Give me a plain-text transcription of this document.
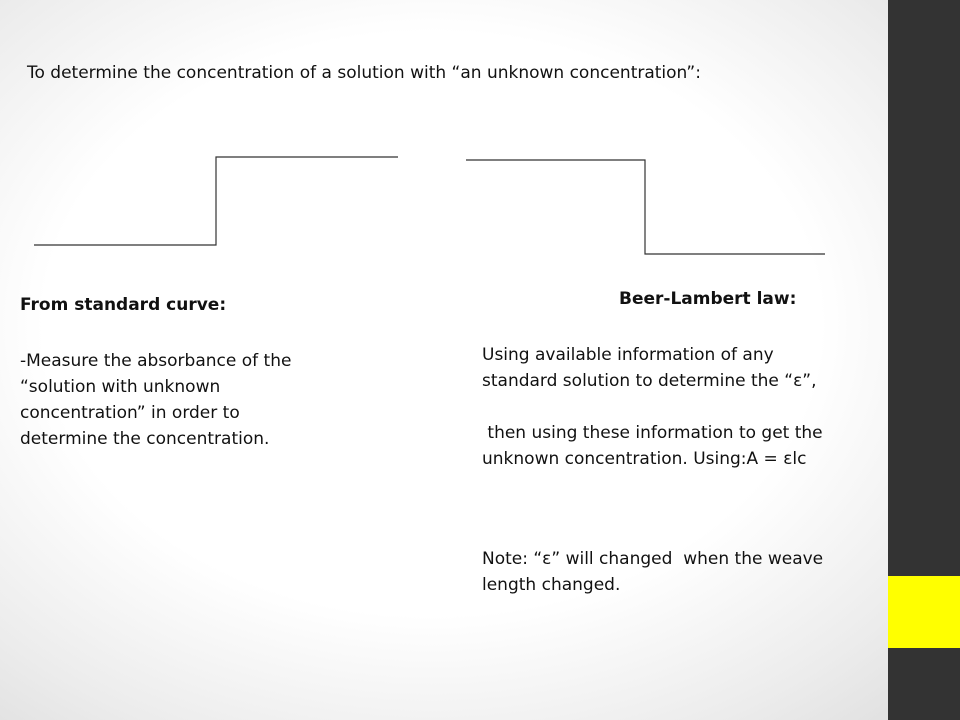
To determine the concentration of a solution with “an unknown concentration”:
From standard curve:
-Measure the absorbance of the
“solution with unknown
concentration” in order to
determine the concentration.
Beer-Lambert law:
Using available information of any
standard solution to determine the “ɛ”,
then using these information to get the
unknown concentration. Using:A = ɛlc
Note: “ɛ” will changed  when the weave
length changed.
